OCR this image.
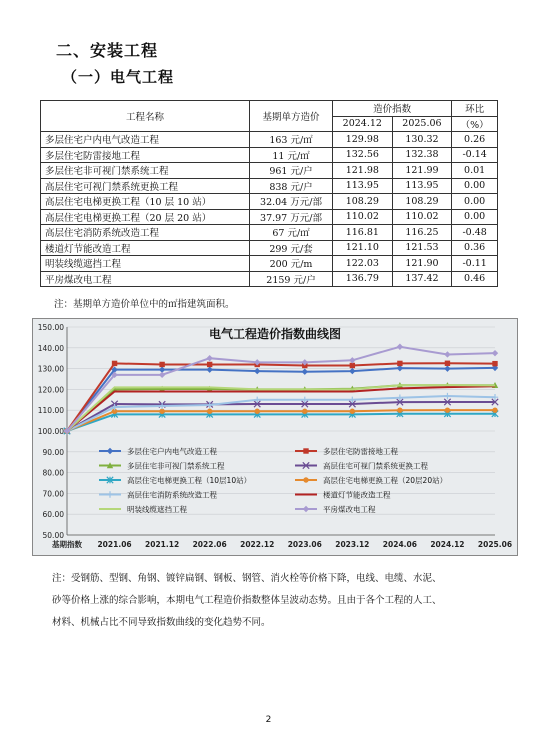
二、安装工程
（一）电气工程
工程名称	基期单方造价	造价指数		环比
		2024.12	2025.06	（%）
多层住宅户内电气改造工程	163 元/㎡	129.98	130.32	0.26
多层住宅防雷接地工程	11 元/㎡	132.56	132.38	-0.14
多层住宅非可视门禁系统工程	961 元/户	121.98	121.99	0.01
高层住宅可视门禁系统更换工程	838 元/户	113.95	113.95	0.00
高层住宅电梯更换工程（10 层 10 站）	32.04 万元/部	108.29	108.29	0.00
高层住宅电梯更换工程（20 层 20 站）	37.97 万元/部	110.02	110.02	0.00
高层住宅消防系统改造工程	67 元/㎡	116.81	116.25	-0.48
楼道灯节能改造工程	299 元/套	121.10	121.53	0.36
明装线缆遮挡工程	200 元/m	122.03	121.90	-0.11
平房煤改电工程	2159 元/户	136.79	137.42	0.46
注：基期单方造价单位中的㎡指建筑面积。
电气工程造价指数曲线图
50.00
60.00
70.00
80.00
90.00
100.00
110.00
120.00
130.00
140.00
150.00
基期指数 2021.06 2021.12 2022.06 2022.12 2023.06 2023.12 2024.06 2024.12 2025.06
多层住宅户内电气改造工程	多层住宅防雷接地工程
多层住宅非可视门禁系统工程	高层住宅可视门禁系统更换工程
高层住宅电梯更换工程（10层10站）	高层住宅电梯更换工程（20层20站）
高层住宅消防系统改造工程	楼道灯节能改造工程
明装线缆遮挡工程	平房煤改电工程
注：受钢筋、型钢、角钢、镀锌扁钢、钢板、钢管、消火栓等价格下降，电线、电缆、水泥、
砂等价格上涨的综合影响，本期电气工程造价指数整体呈波动态势。且由于各个工程的人工、
材料、机械占比不同导致指数曲线的变化趋势不同。
2
